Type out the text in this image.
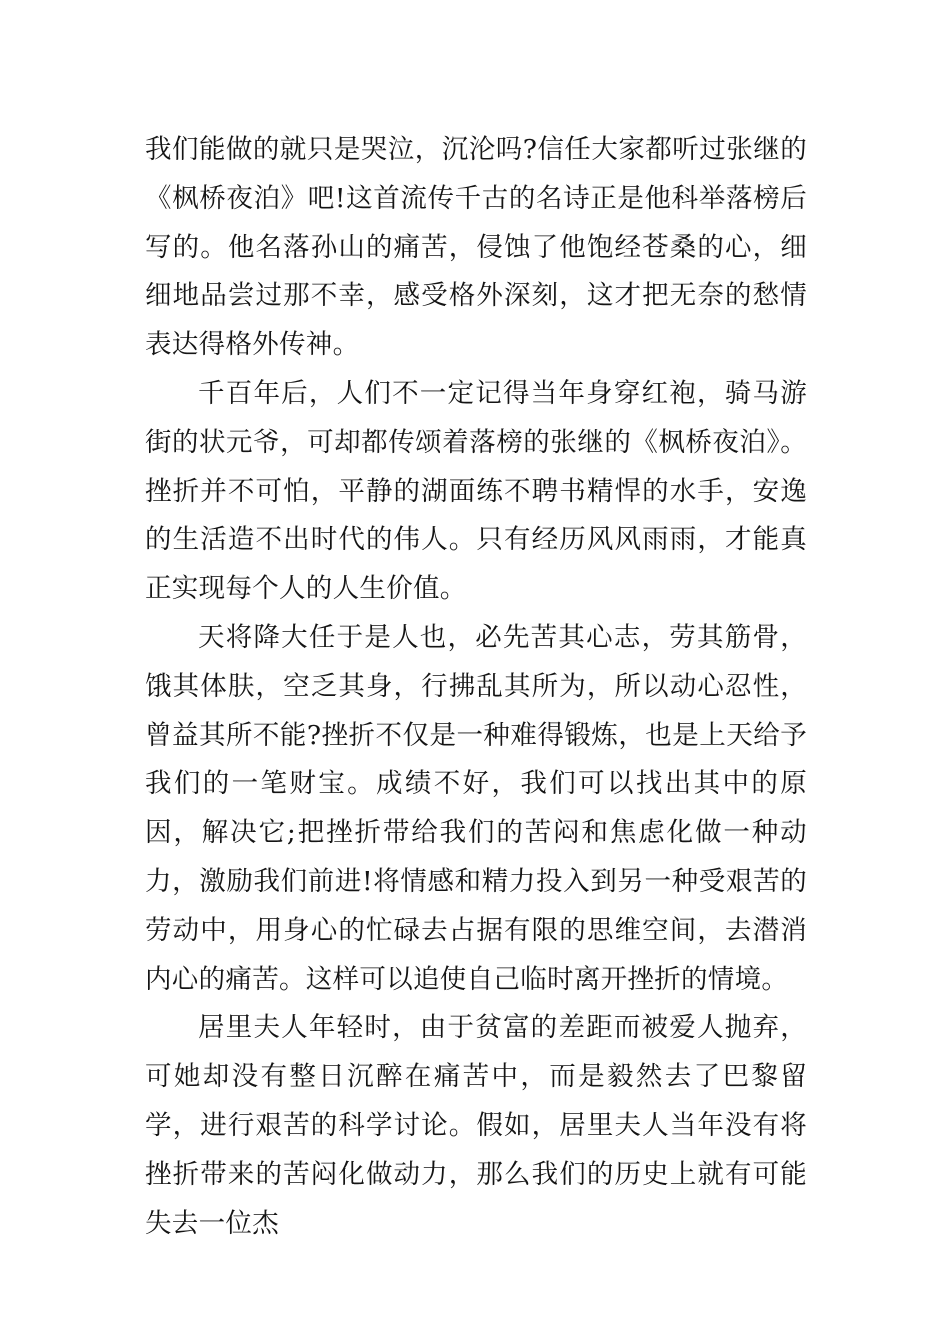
我们能做的就只是哭泣，沉沦吗?信任大家都听过张继的《枫桥夜泊》吧!这首流传千古的名诗正是他科举落榜后写的。他名落孙山的痛苦，侵蚀了他饱经苍桑的心，细细地品尝过那不幸，感受格外深刻，这才把无奈的愁情表达得格外传神。

千百年后，人们不一定记得当年身穿红袍，骑马游街的状元爷，可却都传颂着落榜的张继的《枫桥夜泊》。挫折并不可怕，平静的湖面练不聘书精悍的水手，安逸的生活造不出时代的伟人。只有经历风风雨雨，才能真正实现每个人的人生价值。

天将降大任于是人也，必先苦其心志，劳其筋骨，饿其体肤，空乏其身，行拂乱其所为，所以动心忍性，曾益其所不能?挫折不仅是一种难得锻炼，也是上天给予我们的一笔财宝。成绩不好，我们可以找出其中的原因，解决它;把挫折带给我们的苦闷和焦虑化做一种动力，激励我们前进!将情感和精力投入到另一种受艰苦的劳动中，用身心的忙碌去占据有限的思维空间，去潜消内心的痛苦。这样可以追使自己临时离开挫折的情境。

居里夫人年轻时，由于贫富的差距而被爱人抛弃，可她却没有整日沉醉在痛苦中，而是毅然去了巴黎留学，进行艰苦的科学讨论。假如，居里夫人当年没有将挫折带来的苦闷化做动力，那么我们的历史上就有可能失去一位杰
